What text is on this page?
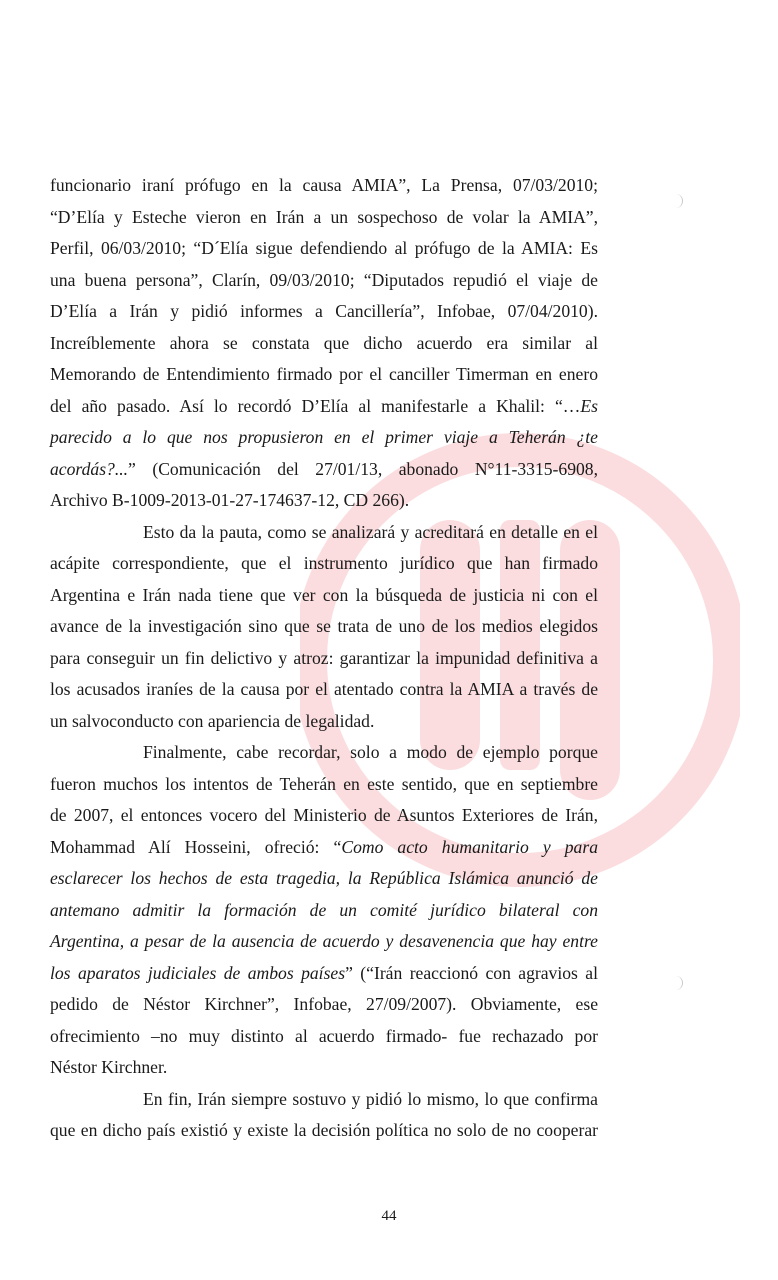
funcionario iraní prófugo en la causa AMIA”, La Prensa, 07/03/2010;
“D’Elía y Esteche vieron en Irán a un sospechoso de volar la AMIA”,
Perfil, 06/03/2010; “D´Elía sigue defendiendo al prófugo de la AMIA: Es
una buena persona”, Clarín, 09/03/2010; “Diputados repudió el viaje de
D’Elía a Irán y pidió informes a Cancillería”, Infobae, 07/04/2010).
Increíblemente ahora se constata que dicho acuerdo era similar al
Memorando de Entendimiento firmado por el canciller Timerman en enero
del año pasado. Así lo recordó D’Elía al manifestarle a Khalil: “…Es
parecido a lo que nos propusieron en el primer viaje a Teherán ¿te
acordás?...” (Comunicación del 27/01/13, abonado N°11-3315-6908,
Archivo B-1009-2013-01-27-174637-12, CD 266).

Esto da la pauta, como se analizará y acreditará en detalle en el
acápite correspondiente, que el instrumento jurídico que han firmado
Argentina e Irán nada tiene que ver con la búsqueda de justicia ni con el
avance de la investigación sino que se trata de uno de los medios elegidos
para conseguir un fin delictivo y atroz: garantizar la impunidad definitiva a
los acusados iraníes de la causa por el atentado contra la AMIA a través de
un salvoconducto con apariencia de legalidad.

Finalmente, cabe recordar, solo a modo de ejemplo porque
fueron muchos los intentos de Teherán en este sentido, que en septiembre
de 2007, el entonces vocero del Ministerio de Asuntos Exteriores de Irán,
Mohammad Alí Hosseini, ofreció: “Como acto humanitario y para
esclarecer los hechos de esta tragedia, la República Islámica anunció de
antemano admitir la formación de un comité jurídico bilateral con
Argentina, a pesar de la ausencia de acuerdo y desavenencia que hay entre
los aparatos judiciales de ambos países” (“Irán reaccionó con agravios al
pedido de Néstor Kirchner”, Infobae, 27/09/2007). Obviamente, ese
ofrecimiento –no muy distinto al acuerdo firmado- fue rechazado por
Néstor Kirchner.

En fin, Irán siempre sostuvo y pidió lo mismo, lo que confirma
que en dicho país existió y existe la decisión política no solo de no cooperar

44
